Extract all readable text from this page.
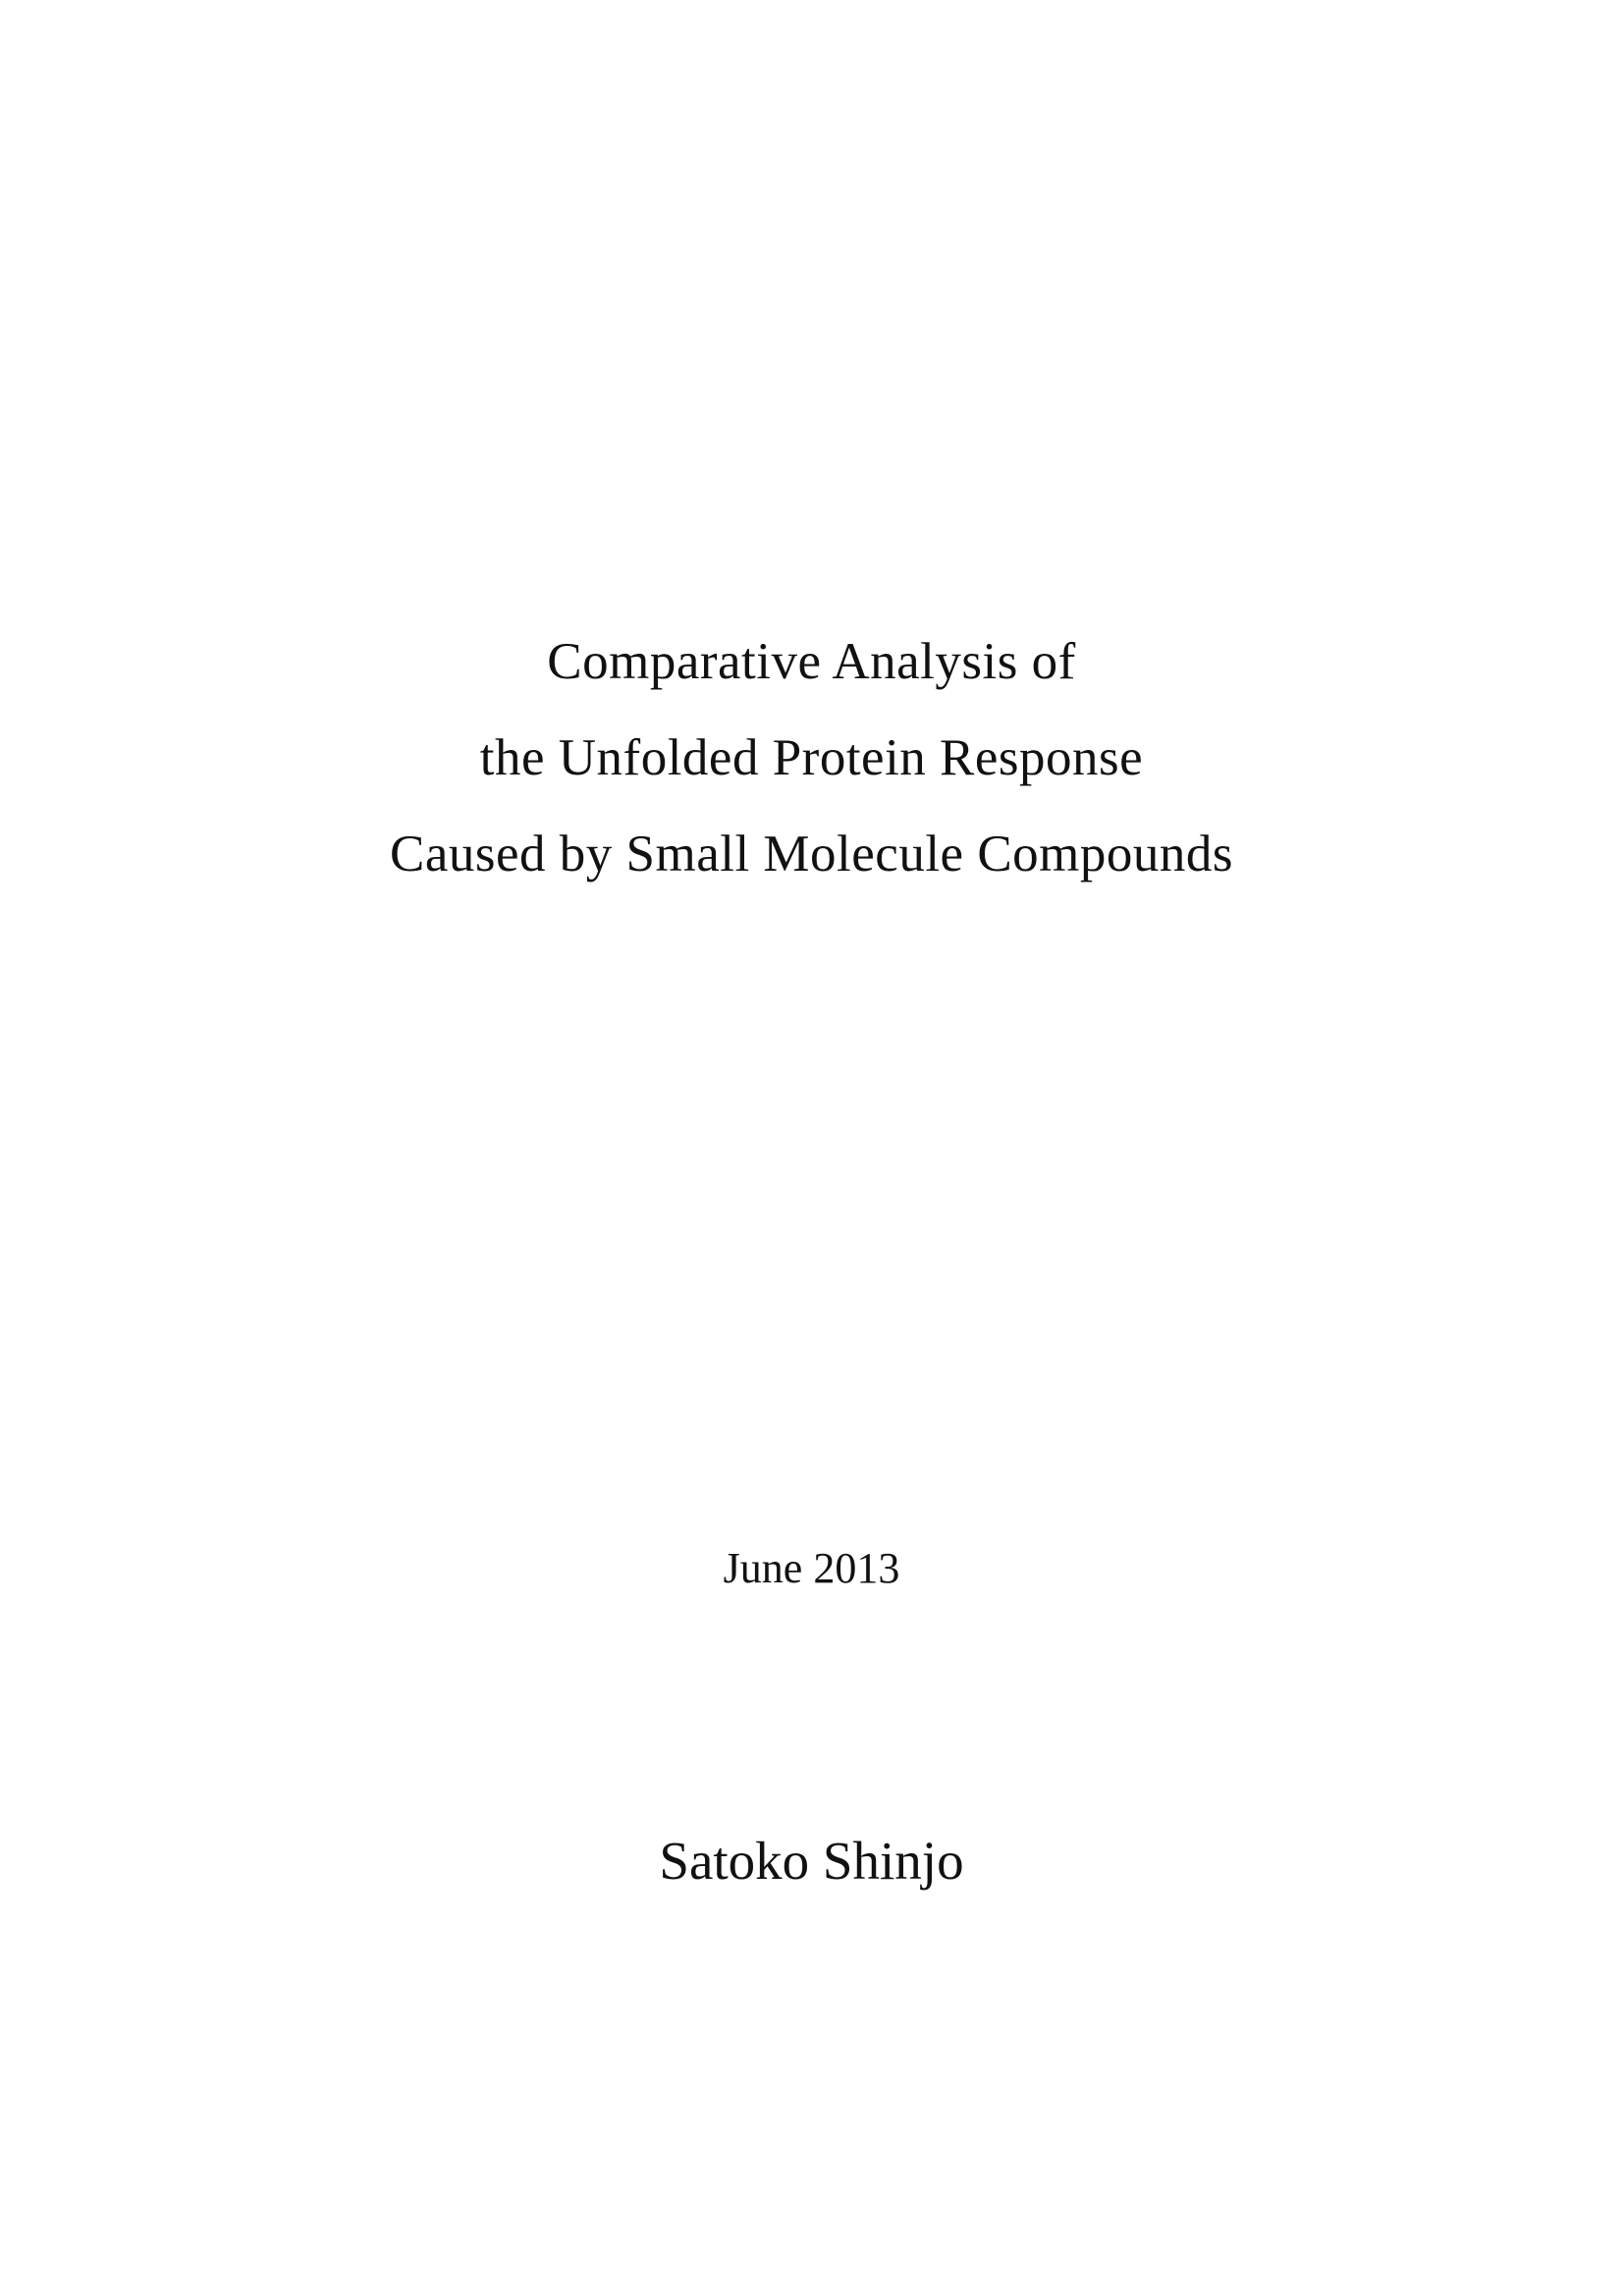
Comparative Analysis of
the Unfolded Protein Response
Caused by Small Molecule Compounds
June 2013
Satoko Shinjo
